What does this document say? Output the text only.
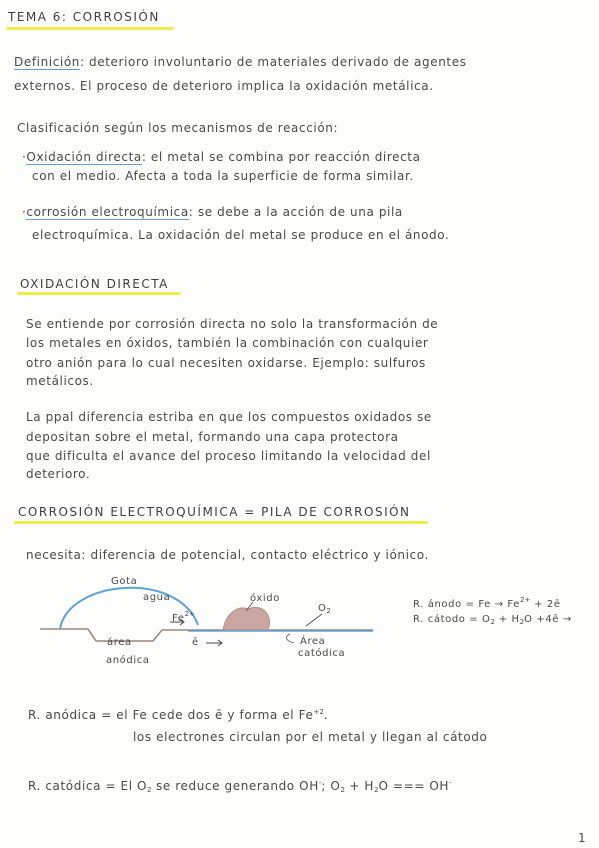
TEMA 6: CORROSIÓN
Definición: deterioro involuntario de materiales derivado de agentes
externos. El proceso de deterioro implica la oxidación metálica.
Clasificación según los mecanismos de reacción:
·Oxidación directa: el metal se combina por reacción directa
con el medio. Afecta a toda la superficie de forma similar.
·corrosión electroquímica: se debe a la acción de una pila
electroquímica. La oxidación del metal se produce en el ánodo.
OXIDACIÓN DIRECTA
Se entiende por corrosión directa no solo la transformación de
los metales en óxidos, también la combinación con cualquier
otro anión para lo cual necesiten oxidarse. Ejemplo: sulfuros
metálicos.
La ppal diferencia estriba en que los compuestos oxidados se
depositan sobre el metal, formando una capa protectora
que dificulta el avance del proceso limitando la velocidad del
deterioro.
CORROSIÓN ELECTROQUÍMICA = PILA DE CORROSIÓN
necesita: diferencia de potencial, contacto eléctrico y iónico.
Gota
agua	óxido
$O_2$
$Fe^{2+}$
ē
área
anódica
Área
catódica
R. ánodo = $Fe \to Fe^{2+}$ + 2ē
R. cátodo = $O_2 + H_2O$ +4ē →
R. anódica = el Fe cede dos ē y forma el $Fe^{+2}$.
los electrones circulan por el metal y llegan al cátodo
R. catódica = El $O_2$ se reduce generando OH-; $O_2 + H_2O$ === OH-
1
